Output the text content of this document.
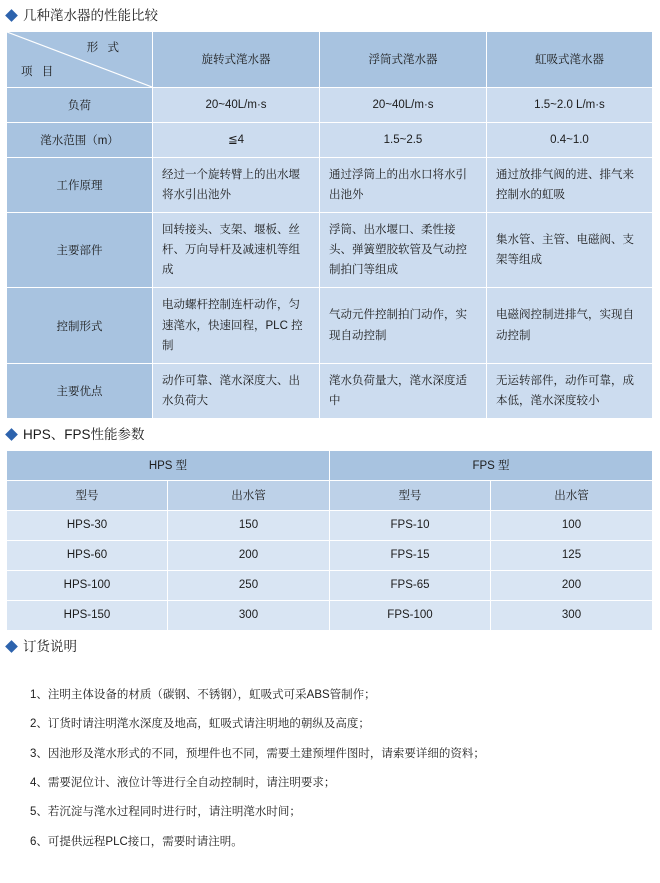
几种滗水器的性能比较
形 式
项 目	旋转式滗水器	浮筒式滗水器	虹吸式滗水器
负荷	20~40L/m·s	20~40L/m·s	1.5~2.0 L/m·s
滗水范围（m）	≦4	1.5~2.5	0.4~1.0
工作原理	经过一个旋转臂上的出水堰将水引出池外	通过浮筒上的出水口将水引出池外	通过放排气阀的进、排气来控制水的虹吸
主要部件	回转接头、支架、堰板、丝杆、万向导杆及减速机等组成	浮筒、出水堰口、柔性接头、弹簧塑胶软管及气动控制拍门等组成	集水管、主管、电磁阀、支架等组成
控制形式	电动螺杆控制连杆动作，匀速滗水，快速回程，PLC 控制	气动元件控制拍门动作，实现自动控制	电磁阀控制进排气，实现自动控制
主要优点	动作可靠、滗水深度大、出水负荷大	滗水负荷量大，滗水深度适中	无运转部件，动作可靠，成本低，滗水深度较小
HPS、FPS性能参数
HPS 型		FPS 型	
型号	出水管	型号	出水管
HPS-30	150	FPS-10	100
HPS-60	200	FPS-15	125
HPS-100	250	FPS-65	200
HPS-150	300	FPS-100	300
订货说明
1、注明主体设备的材质（碳钢、不锈钢），虹吸式可采ABS管制作；
2、订货时请注明滗水深度及地高，虹吸式请注明地的朝纵及高度；
3、因池形及滗水形式的不同，预埋件也不同，需要土建预埋件图时，请索要详细的资料；
4、需要泥位计、液位计等进行全自动控制时，请注明要求；
5、若沉淀与滗水过程同时进行时，请注明滗水时间；
6、可提供远程PLC接口，需要时请注明。
